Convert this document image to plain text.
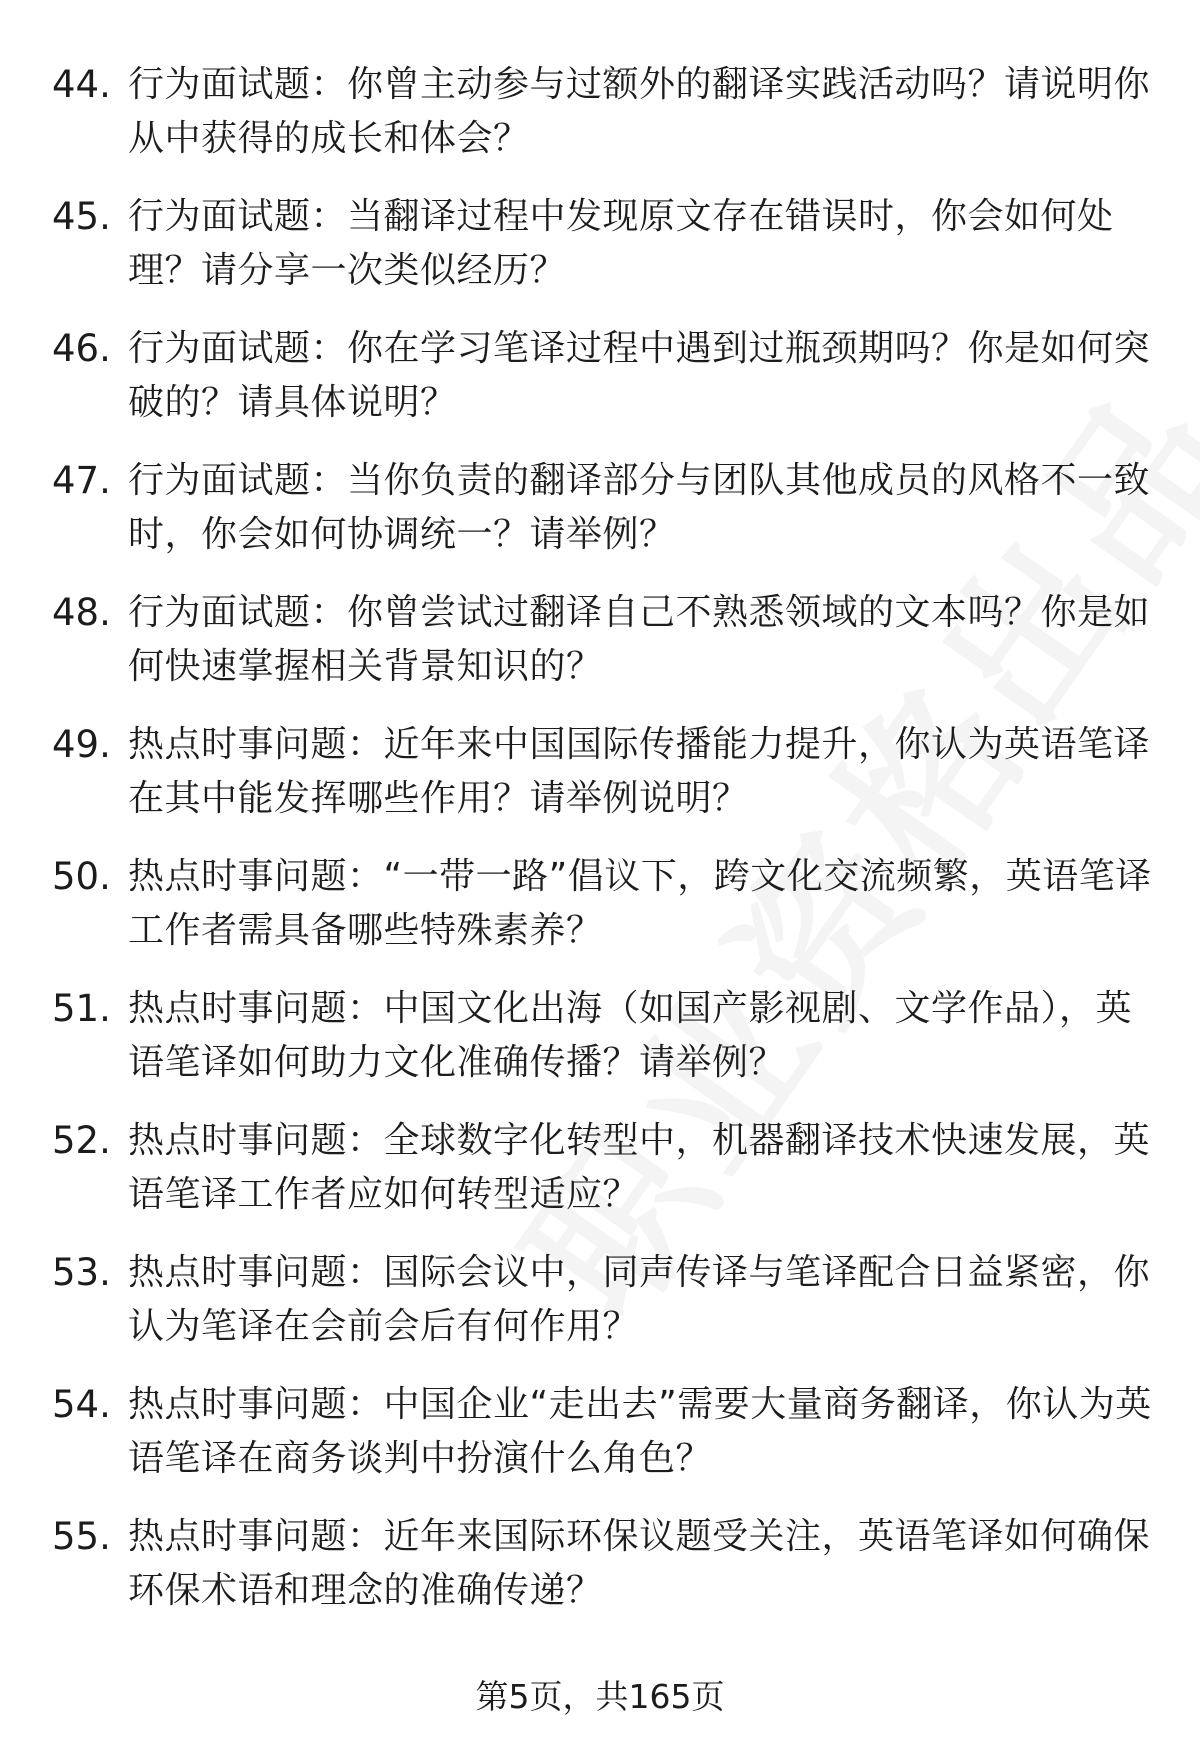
44. 行为面试题：你曾主动参与过额外的翻译实践活动吗？请说明你从中获得的成长和体会？
45. 行为面试题：当翻译过程中发现原文存在错误时，你会如何处理？请分享一次类似经历？
46. 行为面试题：你在学习笔译过程中遇到过瓶颈期吗？你是如何突破的？请具体说明？
47. 行为面试题：当你负责的翻译部分与团队其他成员的风格不一致时，你会如何协调统一？请举例？
48. 行为面试题：你曾尝试过翻译自己不熟悉领域的文本吗？你是如何快速掌握相关背景知识的？
49. 热点时事问题：近年来中国国际传播能力提升，你认为英语笔译在其中能发挥哪些作用？请举例说明？
50. 热点时事问题：“一带一路”倡议下，跨文化交流频繁，英语笔译工作者需具备哪些特殊素养？
51. 热点时事问题：中国文化出海（如国产影视剧、文学作品），英语笔译如何助力文化准确传播？请举例？
52. 热点时事问题：全球数字化转型中，机器翻译技术快速发展，英语笔译工作者应如何转型适应？
53. 热点时事问题：国际会议中，同声传译与笔译配合日益紧密，你认为笔译在会前会后有何作用？
54. 热点时事问题：中国企业“走出去”需要大量商务翻译，你认为英语笔译在商务谈判中扮演什么角色？
55. 热点时事问题：近年来国际环保议题受关注，英语笔译如何确保环保术语和理念的准确传递？
第5页，共165页
